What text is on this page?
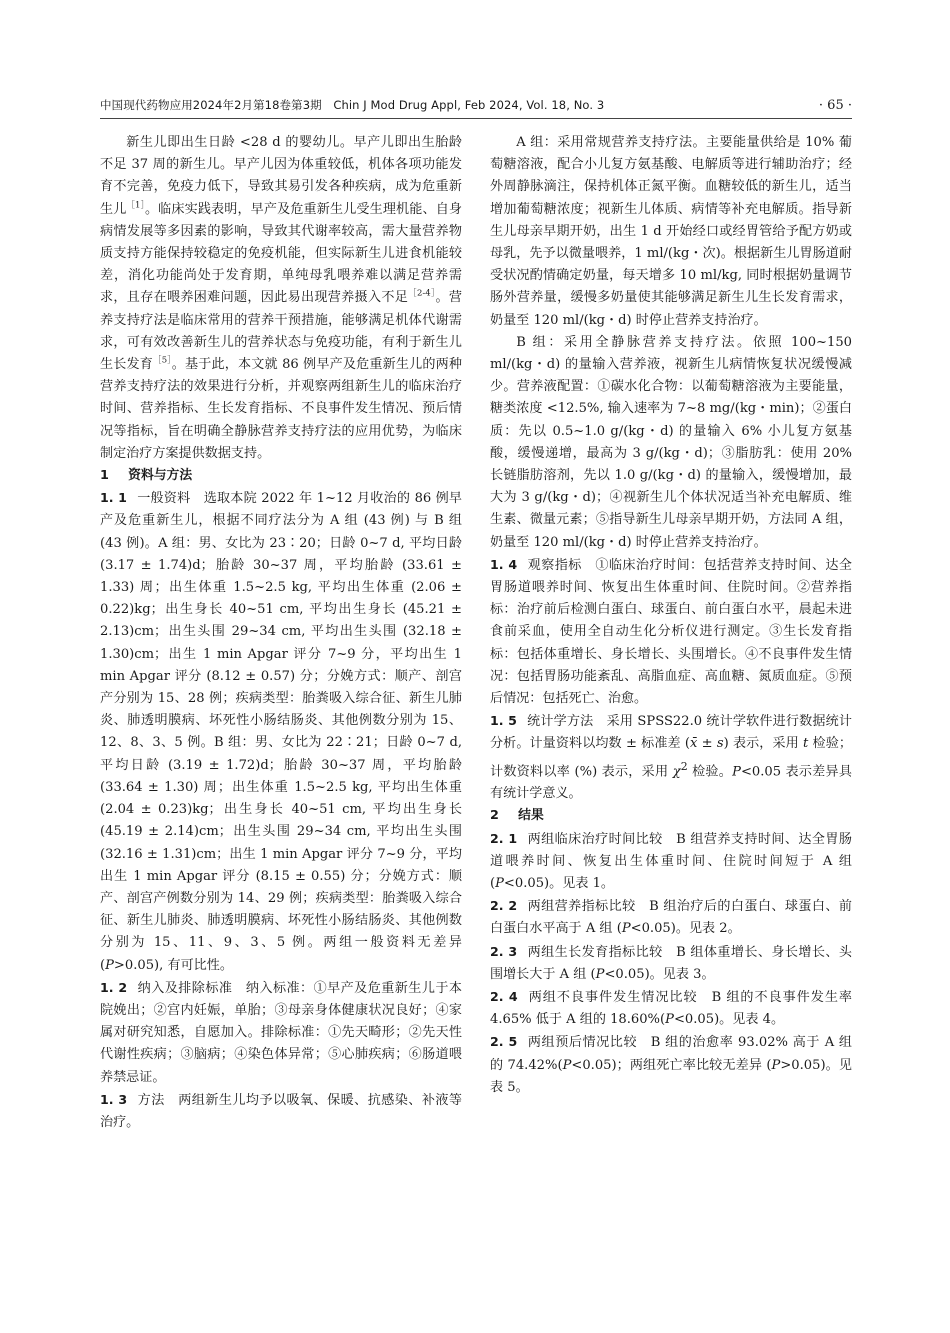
中国现代药物应用2024年2月第18卷第3期　Chin J Mod Drug Appl, Feb 2024, Vol. 18, No. 3	· 65 ·

新生儿即出生日龄 <28 d 的婴幼儿。早产儿即出生胎龄不足 37 周的新生儿。早产儿因为体重较低，机体各项功能发育不完善，免疫力低下，导致其易引发各种疾病，成为危重新生儿$^{[1]}$。临床实践表明，早产及危重新生儿受生理机能、自身病情发展等多因素的影响，导致其代谢率较高，需大量营养物质支持方能保持较稳定的免疫机能，但实际新生儿进食机能较差，消化功能尚处于发育期，单纯母乳喂养难以满足营养需求，且存在喂养困难问题，因此易出现营养摄入不足$^{[2-4]}$。营养支持疗法是临床常用的营养干预措施，能够满足机体代谢需求，可有效改善新生儿的营养状态与免疫功能，有利于新生儿生长发育$^{[5]}$。基于此，本文就 86 例早产及危重新生儿的两种营养支持疗法的效果进行分析，并观察两组新生儿的临床治疗时间、营养指标、生长发育指标、不良事件发生情况、预后情况等指标，旨在明确全静脉营养支持疗法的应用优势，为临床制定治疗方案提供数据支持。

1 资料与方法

1. 1 一般资料　选取本院 2022 年 1~12 月收治的 86 例早产及危重新生儿，根据不同疗法分为 A 组 (43 例) 与 B 组 (43 例)。A 组：男、女比为 23∶20；日龄 0~7 d, 平均日龄 (3.17 ± 1.74)d；胎龄 30~37 周，平均胎龄 (33.61 ± 1.33) 周；出生体重 1.5~2.5 kg, 平均出生体重 (2.06 ± 0.22)kg；出生身长 40~51 cm, 平均出生身长 (45.21 ± 2.13)cm；出生头围 29~34 cm, 平均出生头围 (32.18 ± 1.30)cm；出生 1 min Apgar 评分 7~9 分，平均出生 1 min Apgar 评分 (8.12 ± 0.57) 分；分娩方式：顺产、剖宫产分别为 15、28 例；疾病类型：胎粪吸入综合征、新生儿肺炎、肺透明膜病、坏死性小肠结肠炎、其他例数分别为 15、12、8、3、5 例。B 组：男、女比为 22∶21；日龄 0~7 d, 平均日龄 (3.19 ± 1.72)d；胎龄 30~37 周，平均胎龄 (33.64 ± 1.30) 周；出生体重 1.5~2.5 kg, 平均出生体重 (2.04 ± 0.23)kg；出生身长 40~51 cm, 平均出生身长 (45.19 ± 2.14)cm；出生头围 29~34 cm, 平均出生头围 (32.16 ± 1.31)cm；出生 1 min Apgar 评分 7~9 分，平均出生 1 min Apgar 评分 (8.15 ± 0.55) 分；分娩方式：顺产、剖宫产例数分别为 14、29 例；疾病类型：胎粪吸入综合征、新生儿肺炎、肺透明膜病、坏死性小肠结肠炎、其他例数分别为 15、11、9、3、5 例。两组一般资料无差异 (P>0.05), 有可比性。

1. 2 纳入及排除标准　纳入标准：①早产及危重新生儿于本院娩出；②宫内妊娠，单胎；③母亲身体健康状况良好；④家属对研究知悉，自愿加入。排除标准：①先天畸形；②先天性代谢性疾病；③脑病；④染色体异常；⑤心肺疾病；⑥肠道喂养禁忌证。

1. 3 方法　两组新生儿均予以吸氧、保暖、抗感染、补液等治疗。

A 组：采用常规营养支持疗法。主要能量供给是 10% 葡萄糖溶液，配合小儿复方氨基酸、电解质等进行辅助治疗；经外周静脉滴注，保持机体正氮平衡。血糖较低的新生儿，适当增加葡萄糖浓度；视新生儿体质、病情等补充电解质。指导新生儿母亲早期开奶，出生 1 d 开始经口或经胃管给予配方奶或母乳，先予以微量喂养，1 ml/(kg・次)。根据新生儿胃肠道耐受状况酌情确定奶量，每天增多 10 ml/kg, 同时根据奶量调节肠外营养量，缓慢多奶量使其能够满足新生儿生长发育需求，奶量至 120 ml/(kg・d) 时停止营养支持治疗。

B 组：采用全静脉营养支持疗法。依照 100~150 ml/(kg・d) 的量输入营养液，视新生儿病情恢复状况缓慢减少。营养液配置：①碳水化合物：以葡萄糖溶液为主要能量，糖类浓度 <12.5%, 输入速率为 7~8 mg/(kg・min)；②蛋白质：先以 0.5~1.0 g/(kg・d) 的量输入 6% 小儿复方氨基酸，缓慢递增，最高为 3 g/(kg・d)；③脂肪乳：使用 20% 长链脂肪溶剂，先以 1.0 g/(kg・d) 的量输入，缓慢增加，最大为 3 g/(kg・d)；④视新生儿个体状况适当补充电解质、维生素、微量元素；⑤指导新生儿母亲早期开奶，方法同 A 组，奶量至 120 ml/(kg・d) 时停止营养支持治疗。

1. 4 观察指标　①临床治疗时间：包括营养支持时间、达全胃肠道喂养时间、恢复出生体重时间、住院时间。②营养指标：治疗前后检测白蛋白、球蛋白、前白蛋白水平，晨起未进食前采血，使用全自动生化分析仪进行测定。③生长发育指标：包括体重增长、身长增长、头围增长。④不良事件发生情况：包括胃肠功能紊乱、高脂血症、高血糖、氮质血症。⑤预后情况：包括死亡、治愈。

1. 5 统计学方法　采用 SPSS22.0 统计学软件进行数据统计分析。计量资料以均数 ± 标准差 (x̄ ± s) 表示，采用 t 检验；计数资料以率 (%) 表示，采用 $\chi^2$ 检验。P<0.05 表示差异具有统计学意义。

2 结果

2. 1 两组临床治疗时间比较　B 组营养支持时间、达全胃肠道喂养时间、恢复出生体重时间、住院时间短于 A 组 (P<0.05)。见表 1。

2. 2 两组营养指标比较　B 组治疗后的白蛋白、球蛋白、前白蛋白水平高于 A 组 (P<0.05)。见表 2。

2. 3 两组生长发育指标比较　B 组体重增长、身长增长、头围增长大于 A 组 (P<0.05)。见表 3。

2. 4 两组不良事件发生情况比较　B 组的不良事件发生率 4.65% 低于 A 组的 18.60%(P<0.05)。见表 4。

2. 5 两组预后情况比较　B 组的治愈率 93.02% 高于 A 组的 74.42%(P<0.05)；两组死亡率比较无差异 (P>0.05)。见表 5。
